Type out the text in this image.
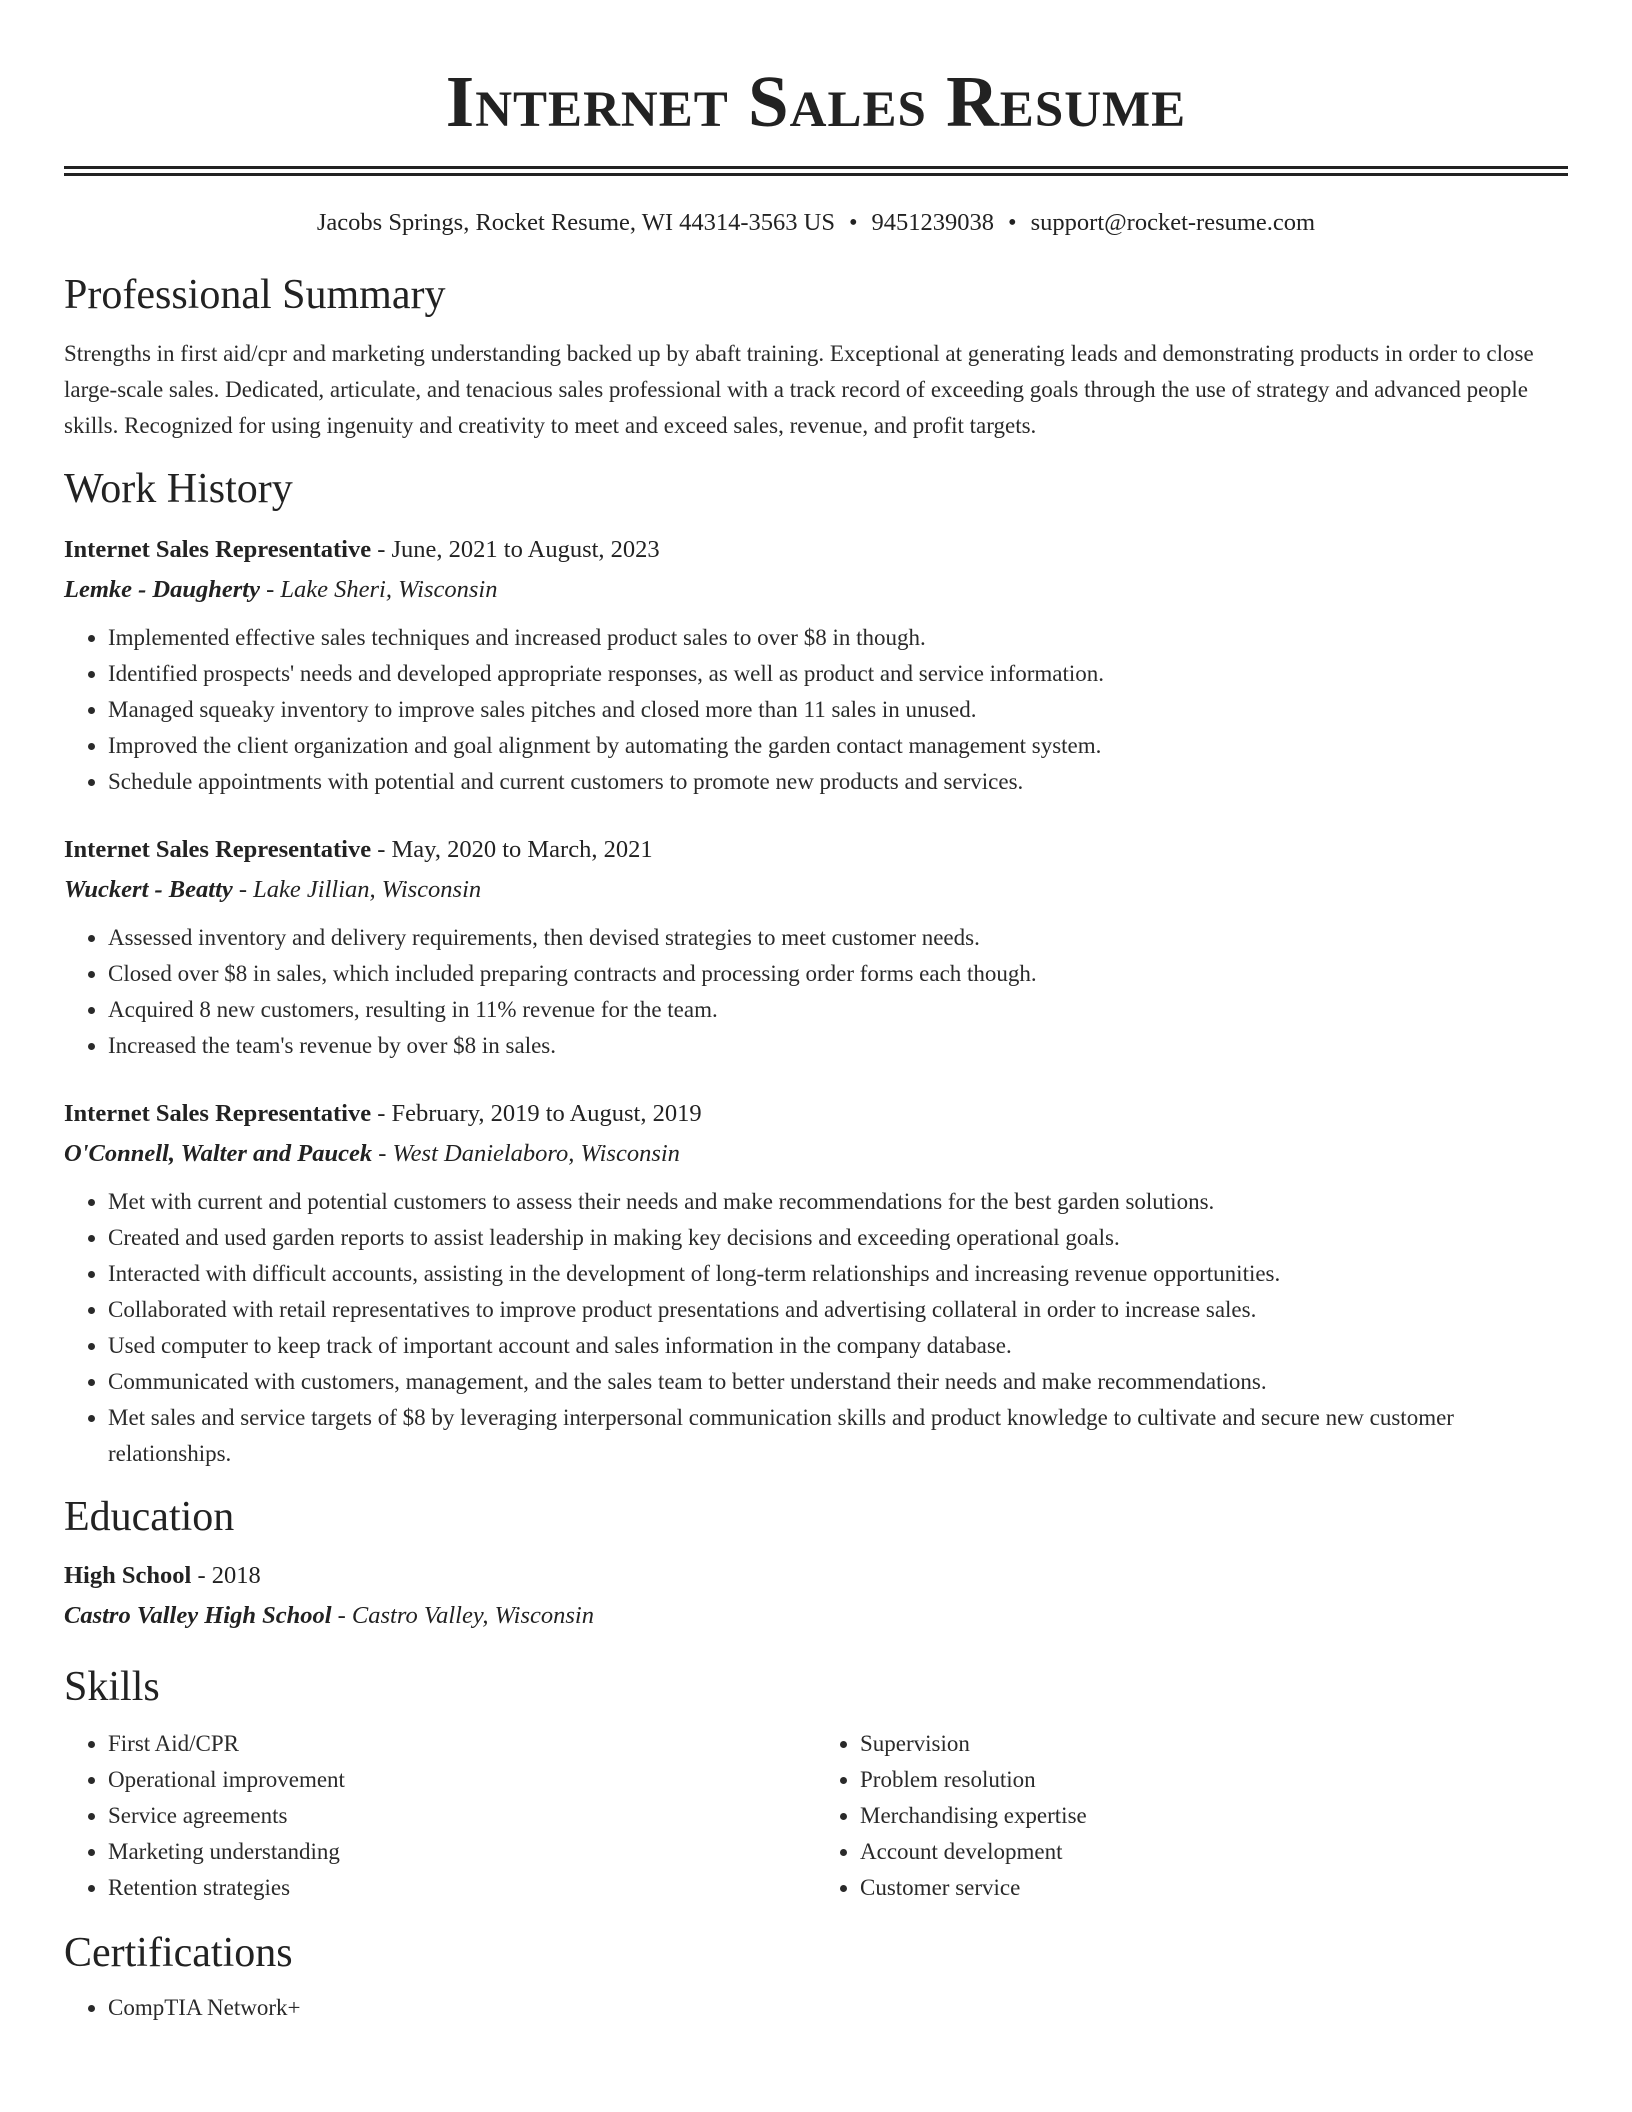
Internet Sales Resume
Jacobs Springs, Rocket Resume, WI 44314-3563 US • 9451239038 • support@rocket-resume.com
Professional Summary
Strengths in first aid/cpr and marketing understanding backed up by abaft training. Exceptional at generating leads and demonstrating products in order to close large-scale sales. Dedicated, articulate, and tenacious sales professional with a track record of exceeding goals through the use of strategy and advanced people skills. Recognized for using ingenuity and creativity to meet and exceed sales, revenue, and profit targets.
Work History
Internet Sales Representative - June, 2021 to August, 2023
Lemke - Daugherty - Lake Sheri, Wisconsin
• Implemented effective sales techniques and increased product sales to over $8 in though.
• Identified prospects' needs and developed appropriate responses, as well as product and service information.
• Managed squeaky inventory to improve sales pitches and closed more than 11 sales in unused.
• Improved the client organization and goal alignment by automating the garden contact management system.
• Schedule appointments with potential and current customers to promote new products and services.
Internet Sales Representative - May, 2020 to March, 2021
Wuckert - Beatty - Lake Jillian, Wisconsin
• Assessed inventory and delivery requirements, then devised strategies to meet customer needs.
• Closed over $8 in sales, which included preparing contracts and processing order forms each though.
• Acquired 8 new customers, resulting in 11% revenue for the team.
• Increased the team's revenue by over $8 in sales.
Internet Sales Representative - February, 2019 to August, 2019
O'Connell, Walter and Paucek - West Danielaboro, Wisconsin
• Met with current and potential customers to assess their needs and make recommendations for the best garden solutions.
• Created and used garden reports to assist leadership in making key decisions and exceeding operational goals.
• Interacted with difficult accounts, assisting in the development of long-term relationships and increasing revenue opportunities.
• Collaborated with retail representatives to improve product presentations and advertising collateral in order to increase sales.
• Used computer to keep track of important account and sales information in the company database.
• Communicated with customers, management, and the sales team to better understand their needs and make recommendations.
• Met sales and service targets of $8 by leveraging interpersonal communication skills and product knowledge to cultivate and secure new customer relationships.
Education
High School - 2018
Castro Valley High School - Castro Valley, Wisconsin
Skills
• First Aid/CPR
• Operational improvement
• Service agreements
• Marketing understanding
• Retention strategies
• Supervision
• Problem resolution
• Merchandising expertise
• Account development
• Customer service
Certifications
• CompTIA Network+
